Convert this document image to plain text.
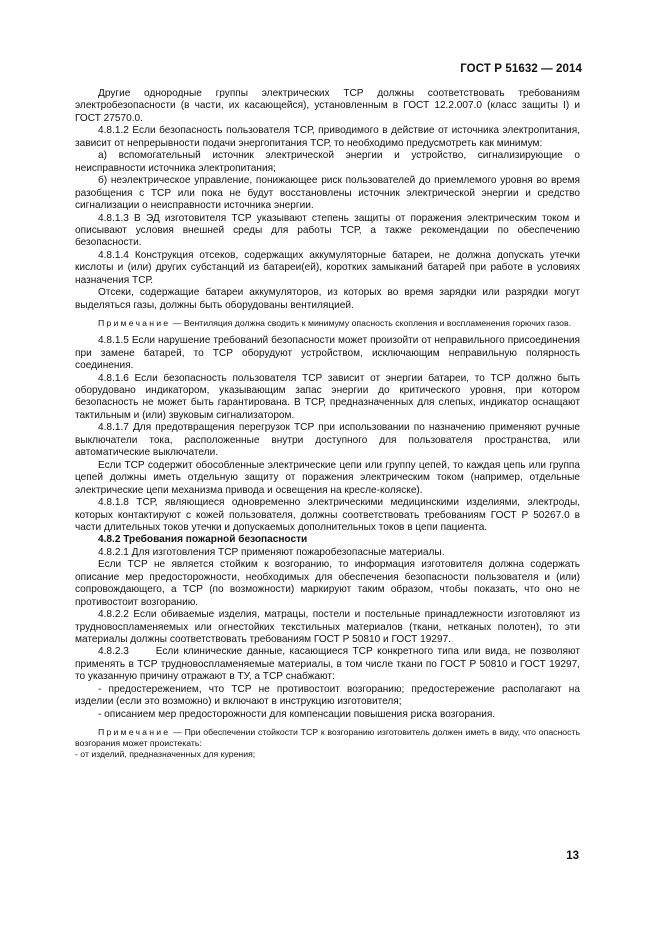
ГОСТ Р 51632 — 2014

Другие однородные группы электрических ТСР должны соответствовать требованиям электробезопасности (в части, их касающейся), установленным в ГОСТ 12.2.007.0 (класс защиты I) и ГОСТ 27570.0.

4.8.1.2 Если безопасность пользователя ТСР, приводимого в действие от источника электропитания, зависит от непрерывности подачи энергопитания ТСР, то необходимо предусмотреть как минимум:

а) вспомогательный источник электрической энергии и устройство, сигнализирующие о неисправности источника электропитания;

б) неэлектрическое управление, понижающее риск пользователей до приемлемого уровня во время разобщения с ТСР или пока не будут восстановлены источник электрической энергии и средство сигнализации о неисправности источника энергии.

4.8.1.3 В ЭД изготовителя ТСР указывают степень защиты от поражения электрическим током и описывают условия внешней среды для работы ТСР, а также рекомендации по обеспечению безопасности.

4.8.1.4 Конструкция отсеков, содержащих аккумуляторные батареи, не должна допускать утечки кислоты и (или) других субстанций из батареи(ей), коротких замыканий батарей при работе в условиях назначения ТСР.

Отсеки, содержащие батареи аккумуляторов, из которых во время зарядки или разрядки могут выделяться газы, должны быть оборудованы вентиляцией.

Примечание — Вентиляция должна сводить к минимуму опасность скопления и воспламенения горючих газов.

4.8.1.5 Если нарушение требований безопасности может произойти от неправильного присоединения при замене батарей, то ТСР оборудуют устройством, исключающим неправильную полярность соединения.

4.8.1.6 Если безопасность пользователя ТСР зависит от энергии батареи, то ТСР должно быть оборудовано индикатором, указывающим запас энергии до критического уровня, при котором безопасность не может быть гарантирована. В ТСР, предназначенных для слепых, индикатор оснащают тактильным и (или) звуковым сигнализатором.

4.8.1.7 Для предотвращения перегрузок ТСР при использовании по назначению применяют ручные выключатели тока, расположенные внутри доступного для пользователя пространства, или автоматические выключатели.

Если ТСР содержит обособленные электрические цепи или группу цепей, то каждая цепь или группа цепей должны иметь отдельную защиту от поражения электрическим током (например, отдельные электрические цепи механизма привода и освещения на кресле-коляске).

4.8.1.8 ТСР, являющиеся одновременно электрическими медицинскими изделиями, электроды, которых контактируют с кожей пользователя, должны соответствовать требованиям ГОСТ Р 50267.0 в части длительных токов утечки и допускаемых дополнительных токов в цепи пациента.

4.8.2 Требования пожарной безопасности

4.8.2.1 Для изготовления ТСР применяют пожаробезопасные материалы.

Если ТСР не является стойким к возгоранию, то информация изготовителя должна содержать описание мер предосторожности, необходимых для обеспечения безопасности пользователя и (или) сопровождающего, а ТСР (по возможности) маркируют таким образом, чтобы показать, что оно не противостоит возгоранию.

4.8.2.2 Если обиваемые изделия, матрацы, постели и постельные принадлежности изготовляют из трудновоспламеняемых или огнестойких текстильных материалов (ткани, нетканых полотен), то эти материалы должны соответствовать требованиям ГОСТ Р 50810 и ГОСТ 19297.

4.8.2.3      Если клинические данные, касающиеся ТСР конкретного типа или вида, не позволяют применять в ТСР трудновоспламеняемые материалы, в том числе ткани по ГОСТ Р 50810 и ГОСТ 19297, то указанную причину отражают в ТУ, а ТСР снабжают:

- предостережением, что ТСР не противостоит возгоранию; предостережение располагают на изделии (если это возможно) и включают в инструкцию изготовителя;

- описанием мер предосторожности для компенсации повышения риска возгорания.

Примечание — При обеспечении стойкости ТСР к возгоранию изготовитель должен иметь в виду, что опасность возгорания может проистекать:

- от изделий, предназначенных для курения;

13
